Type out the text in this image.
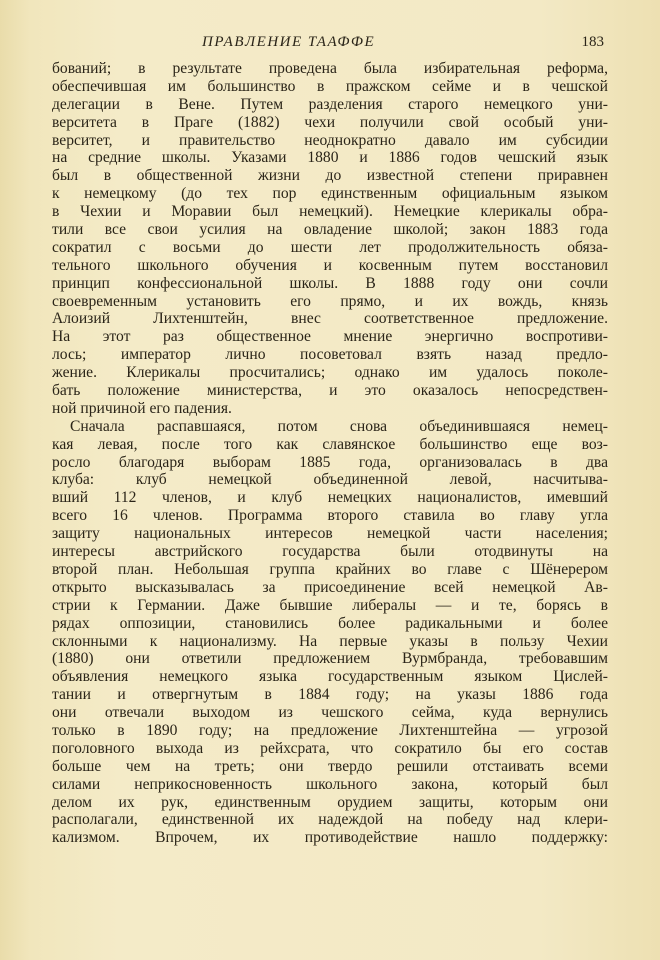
ПРАВЛЕНИЕ ТААФФЕ	183
бований; в результате проведена была избирательная реформа,
обеспечившая им большинство в пражском сейме и в чешской
делегации в Вене. Путем разделения старого немецкого уни-
верситета в Праге (1882) чехи получили свой особый уни-
верситет, и правительство неоднократно давало им субсидии
на средние школы. Указами 1880 и 1886 годов чешский язык
был в общественной жизни до известной степени приравнен
к немецкому (до тех пор единственным официальным языком
в Чехии и Моравии был немецкий). Немецкие клерикалы обра-
тили все свои усилия на овладение школой; закон 1883 года
сократил с восьми до шести лет продолжительность обяза-
тельного школьного обучения и косвенным путем восстановил
принцип конфессиональной школы. В 1888 году они сочли
своевременным установить его прямо, и их вождь, князь
Алоизий Лихтенштейн, внес соответственное предложение.
На этот раз общественное мнение энергично воспротиви-
лось; император лично посоветовал взять назад предло-
жение. Клерикалы просчитались; однако им удалось поколе-
бать положение министерства, и это оказалось непосредствен-
ной причиной его падения.
Сначала распавшаяся, потом снова объединившаяся немец-
кая левая, после того как славянское большинство еще воз-
росло благодаря выборам 1885 года, организовалась в два
клуба: клуб немецкой объединенной левой, насчитыва-
вший 112 членов, и клуб немецких националистов, имевший
всего 16 членов. Программа второго ставила во главу угла
защиту национальных интересов немецкой части населения;
интересы австрийского государства были отодвинуты на
второй план. Небольшая группа крайних во главе с Шёнерером
открыто высказывалась за присоединение всей немецкой Ав-
стрии к Германии. Даже бывшие либералы — и те, борясь в
рядах оппозиции, становились более радикальными и более
склонными к национализму. На первые указы в пользу Чехии
(1880) они ответили предложением Вурмбранда, требовавшим
объявления немецкого языка государственным языком Цислей-
тании и отвергнутым в 1884 году; на указы 1886 года
они отвечали выходом из чешского сейма, куда вернулись
только в 1890 году; на предложение Лихтенштейна — угрозой
поголовного выхода из рейхсрата, что сократило бы его состав
больше чем на треть; они твердо решили отстаивать всеми
силами неприкосновенность школьного закона, который был
делом их рук, единственным орудием защиты, которым они
располагали, единственной их надеждой на победу над клери-
кализмом. Впрочем, их противодействие нашло поддержку:
